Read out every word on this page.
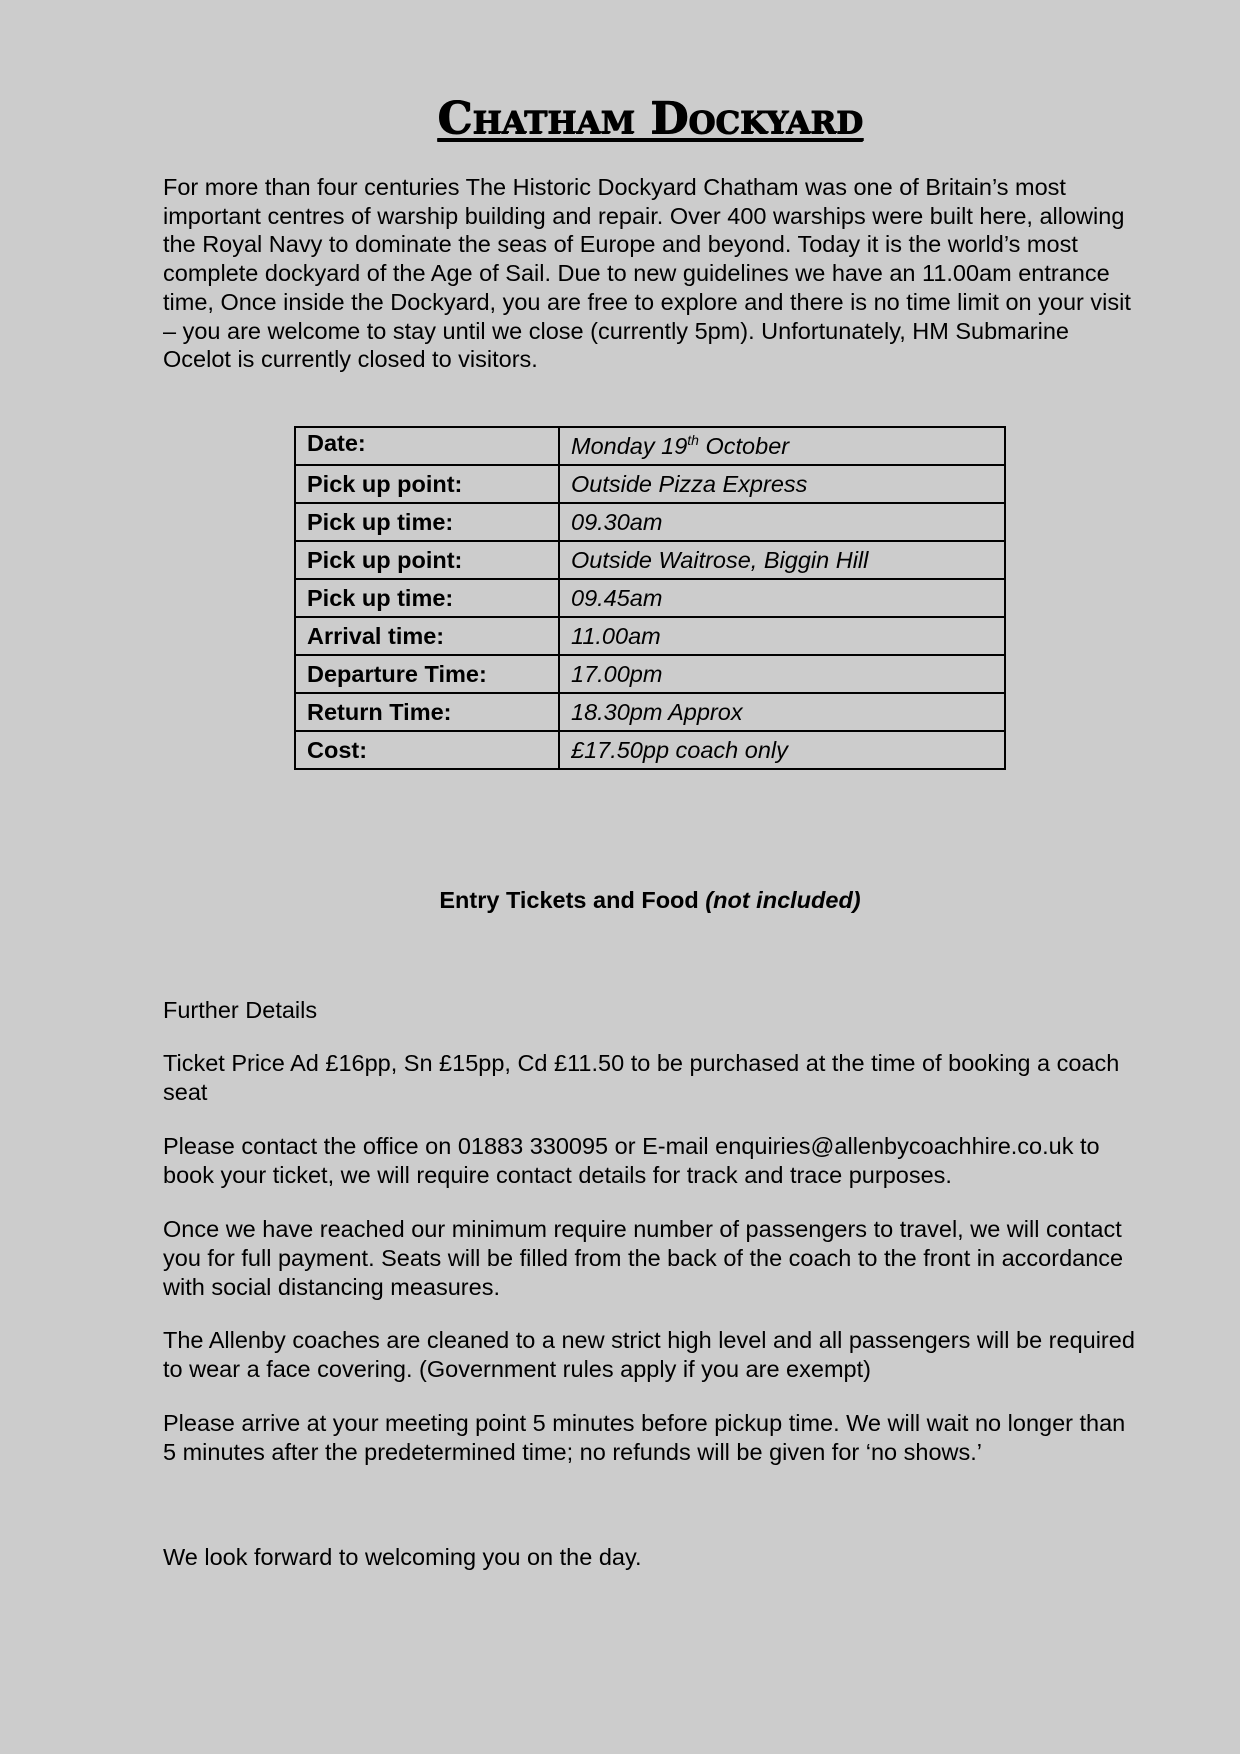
Chatham Dockyard

For more than four centuries The Historic Dockyard Chatham was one of Britain’s most important centres of warship building and repair. Over 400 warships were built here, allowing the Royal Navy to dominate the seas of Europe and beyond. Today it is the world’s most complete dockyard of the Age of Sail. Due to new guidelines we have an 11.00am entrance time, Once inside the Dockyard, you are free to explore and there is no time limit on your visit – you are welcome to stay until we close (currently 5pm). Unfortunately, HM Submarine Ocelot is currently closed to visitors.

Date:	Monday 19th October
Pick up point:	Outside Pizza Express
Pick up time:	09.30am
Pick up point:	Outside Waitrose, Biggin Hill
Pick up time:	09.45am
Arrival time:	11.00am
Departure Time:	17.00pm
Return Time:	18.30pm Approx
Cost:	£17.50pp coach only

Entry Tickets and Food (not included)

Further Details

Ticket Price Ad £16pp, Sn £15pp, Cd £11.50 to be purchased at the time of booking a coach seat

Please contact the office on 01883 330095 or E-mail enquiries@allenbycoachhire.co.uk to book your ticket, we will require contact details for track and trace purposes.

Once we have reached our minimum require number of passengers to travel, we will contact you for full payment. Seats will be filled from the back of the coach to the front in accordance with social distancing measures.

The Allenby coaches are cleaned to a new strict high level and all passengers will be required to wear a face covering. (Government rules apply if you are exempt)

Please arrive at your meeting point 5 minutes before pickup time. We will wait no longer than 5 minutes after the predetermined time; no refunds will be given for ‘no shows.’

We look forward to welcoming you on the day.
